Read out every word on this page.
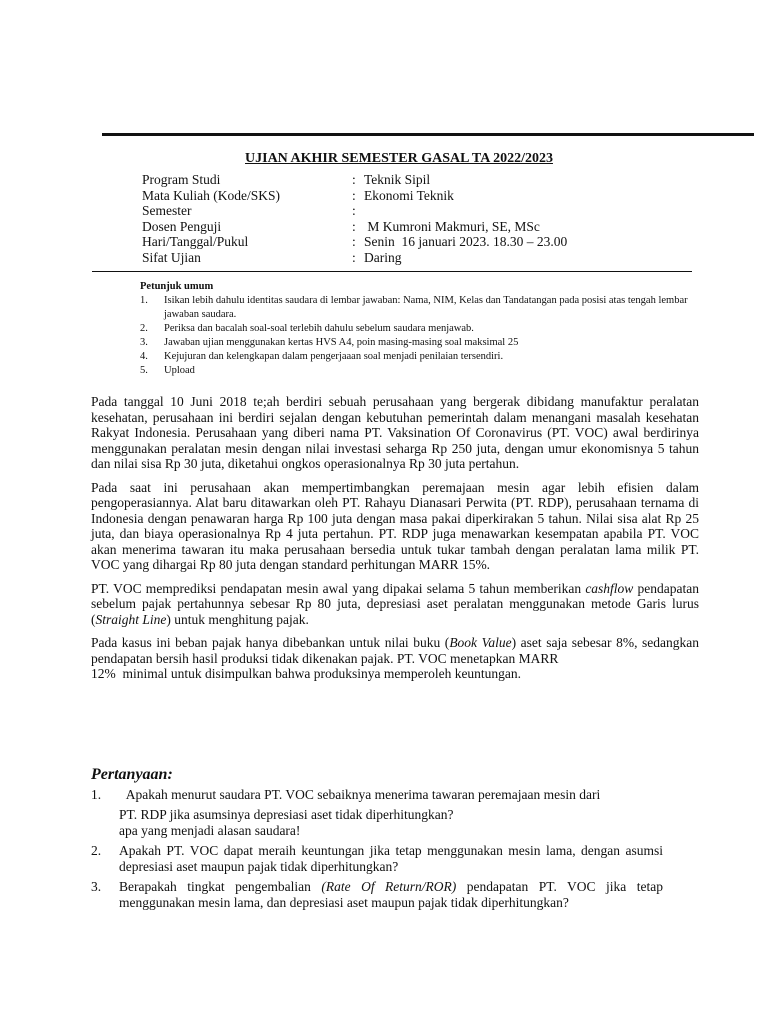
UJIAN AKHIR SEMESTER GASAL TA 2022/2023
Program Studi	: Teknik Sipil
Mata Kuliah (Kode/SKS)	: Ekonomi Teknik
Semester	:
Dosen Penguji	: M Kumroni Makmuri, SE, MSc
Hari/Tanggal/Pukul	: Senin  16 januari 2023. 18.30 – 23.00
Sifat Ujian	: Daring
Petunjuk umum
1.	Isikan lebih dahulu identitas saudara di lembar jawaban: Nama, NIM, Kelas dan Tandatangan pada posisi atas tengah lembar jawaban saudara.
2.	Periksa dan bacalah soal-soal terlebih dahulu sebelum saudara menjawab.
3.	Jawaban ujian menggunakan kertas HVS A4, poin masing-masing soal maksimal 25
4.	Kejujuran dan kelengkapan dalam pengerjaaan soal menjadi penilaian tersendiri.
5.	Upload

Pada tanggal 10 Juni 2018 te;ah berdiri sebuah perusahaan yang bergerak dibidang manufaktur peralatan kesehatan, perusahaan ini berdiri sejalan dengan kebutuhan pemerintah dalam menangani masalah kesehatan Rakyat Indonesia. Perusahaan yang diberi nama PT. Vaksination Of Coronavirus (PT. VOC) awal berdirinya menggunakan peralatan mesin dengan nilai investasi seharga Rp 250 juta, dengan umur ekonomisnya 5 tahun dan nilai sisa Rp 30 juta, diketahui ongkos operasionalnya Rp 30 juta pertahun.

Pada saat ini perusahaan akan mempertimbangkan peremajaan mesin agar lebih efisien dalam pengoperasiannya. Alat baru ditawarkan oleh PT. Rahayu Dianasari Perwita (PT. RDP), perusahaan ternama di Indonesia dengan penawaran harga Rp 100 juta dengan masa pakai diperkirakan 5 tahun. Nilai sisa alat Rp 25 juta, dan biaya operasionalnya Rp 4 juta pertahun. PT. RDP juga menawarkan kesempatan apabila PT. VOC akan menerima tawaran itu maka perusahaan bersedia untuk tukar tambah dengan peralatan lama milik PT. VOC yang dihargai Rp 80 juta dengan standard perhitungan MARR 15%.

PT. VOC memprediksi pendapatan mesin awal yang dipakai selama 5 tahun memberikan cashflow pendapatan sebelum pajak pertahunnya sebesar Rp 80 juta, depresiasi aset peralatan menggunakan metode Garis lurus (Straight Line) untuk menghitung pajak.

Pada kasus ini beban pajak hanya dibebankan untuk nilai buku (Book Value) aset saja sebesar 8%, sedangkan pendapatan bersih hasil produksi tidak dikenakan pajak. PT. VOC menetapkan MARR

12%  minimal untuk disimpulkan bahwa produksinya memperoleh keuntungan.

Pertanyaan:
1.	Apakah menurut saudara PT. VOC sebaiknya menerima tawaran peremajaan mesin dari
PT. RDP jika asumsinya depresiasi aset tidak diperhitungkan?
apa yang menjadi alasan saudara!
2.	Apakah PT. VOC dapat meraih keuntungan jika tetap menggunakan mesin lama, dengan asumsi depresiasi aset maupun pajak tidak diperhitungkan?
3.	Berapakah tingkat pengembalian (Rate Of Return/ROR) pendapatan PT. VOC jika tetap menggunakan mesin lama, dan depresiasi aset maupun pajak tidak diperhitungkan?
